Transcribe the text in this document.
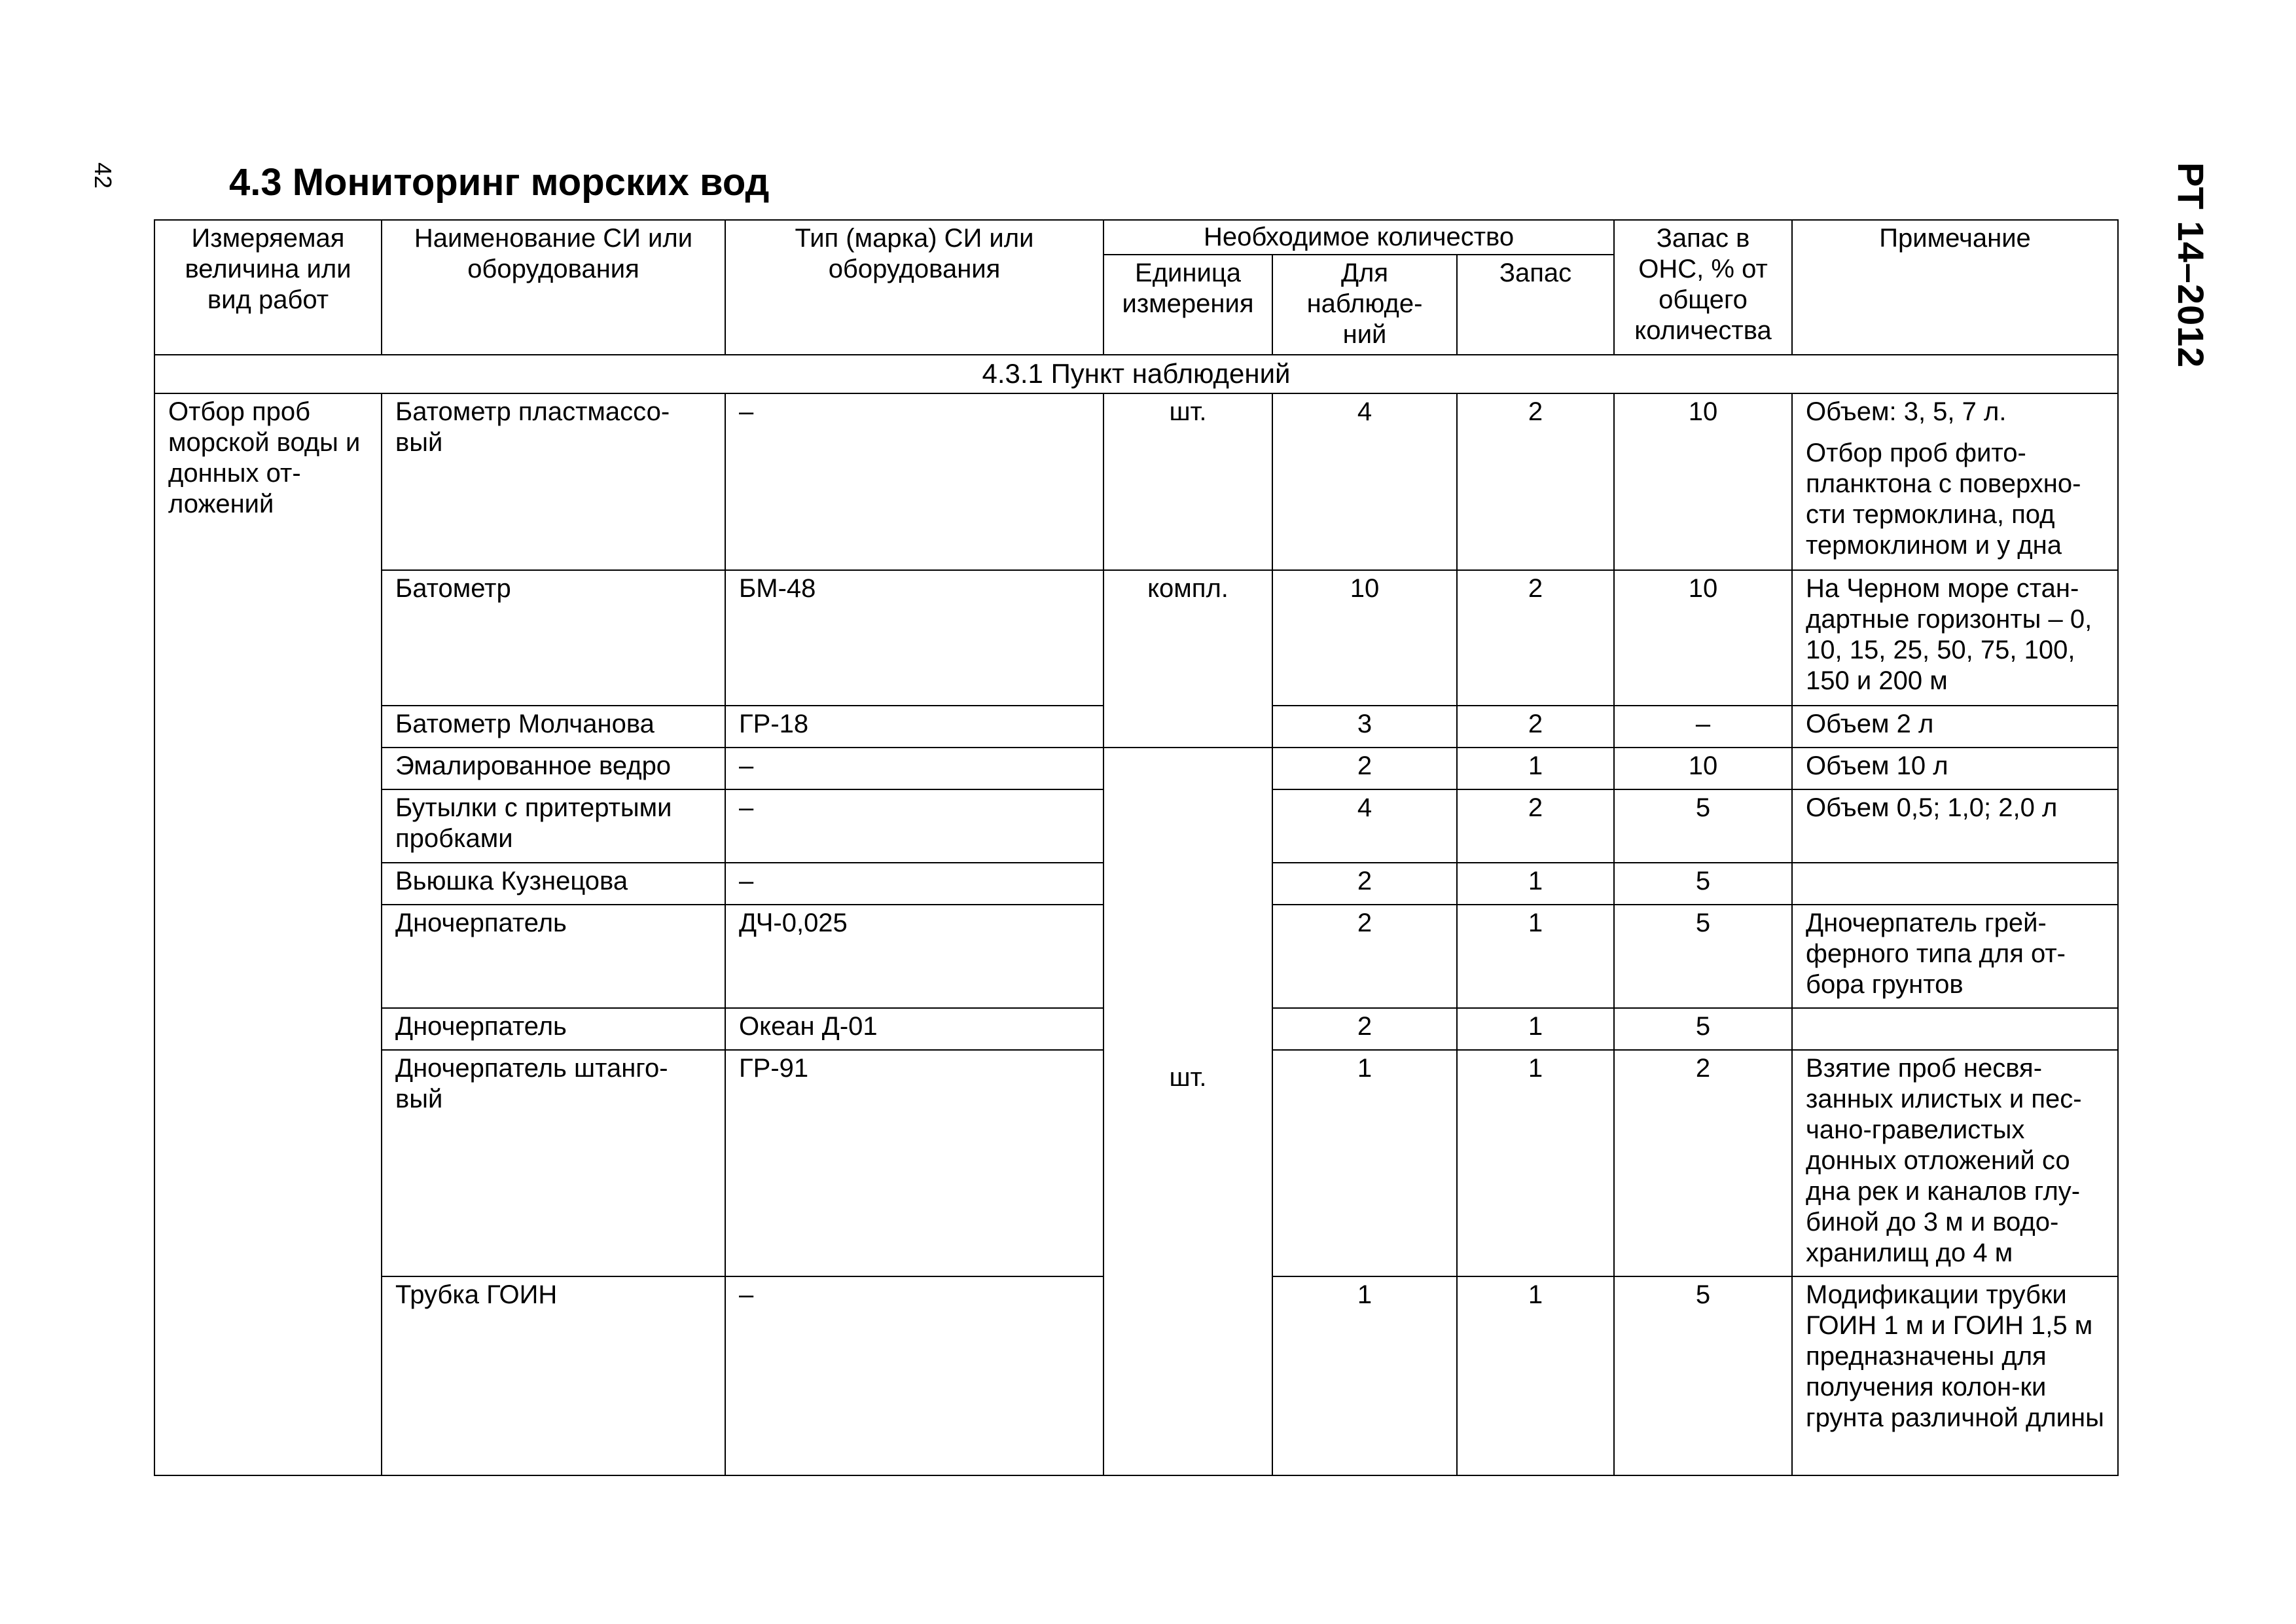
42	РТ 14–2012
4.3 Мониторинг морских вод
Измеряемая величина или вид работ	Наименование СИ или оборудования	Тип (марка) СИ или оборудования	Необходимое количество			Запас в ОНС, % от общего количества	Примечание
			Единица измерения	Для наблюде-ний	Запас		
4.3.1 Пункт наблюдений							
Отбор проб морской воды и донных от-ложений	Батометр пластмассо-вый	–	шт.	4	2	10	Объем: 3, 5, 7 л.
Отбор проб фито-планктона с поверхно-сти термоклина, под термоклином и у дна

	Батометр	БМ-48	компл.	10	2	10	На Черном море стан-дартные горизонты – 0, 10, 15, 25, 50, 75, 100, 150 и 200 м
	Батометр Молчанова	ГР-18		3	2	–	Объем 2 л
	Эмалированное ведро	–	шт.	2	1	10	Объем 10 л
	Бутылки с притертыми пробками	–		4	2	5	Объем 0,5; 1,0; 2,0 л
	Вьюшка Кузнецова	–		2	1	5	
	Дночерпатель	ДЧ-0,025		2	1	5	Дночерпатель грей-ферного типа для от-бора грунтов
	Дночерпатель	Океан Д-01		2	1	5	
	Дночерпатель штанго-вый	ГР-91		1	1	2	Взятие проб несвя-занных илистых и пес-чано-гравелистых донных отложений со дна рек и каналов глу-биной до 3 м и водо-хранилищ до 4 м
	Трубка ГОИН	–		1	1	5	Модификации трубки ГОИН 1 м и ГОИН 1,5 м предназначены для получения колон-ки грунта различной длины
